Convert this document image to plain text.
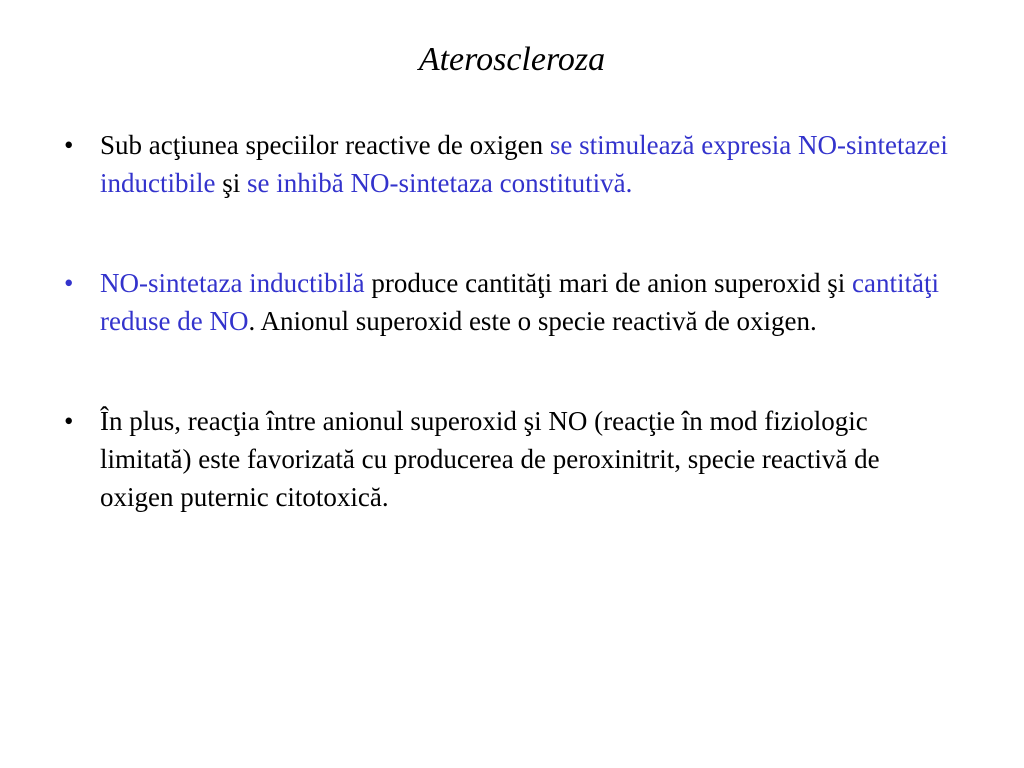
Ateroscleroza
• Sub acţiunea speciilor reactive de oxigen se stimulează expresia NO-sintetazei inductibile şi se inhibă NO-sintetaza constitutivă.
• NO-sintetaza inductibilă produce cantităţi mari de anion superoxid şi cantităţi reduse de NO. Anionul superoxid este o specie reactivă de oxigen.
• În plus, reacţia între anionul superoxid şi NO (reacţie în mod fiziologic limitată) este favorizată cu producerea de peroxinitrit, specie reactivă de oxigen puternic citotoxică.
